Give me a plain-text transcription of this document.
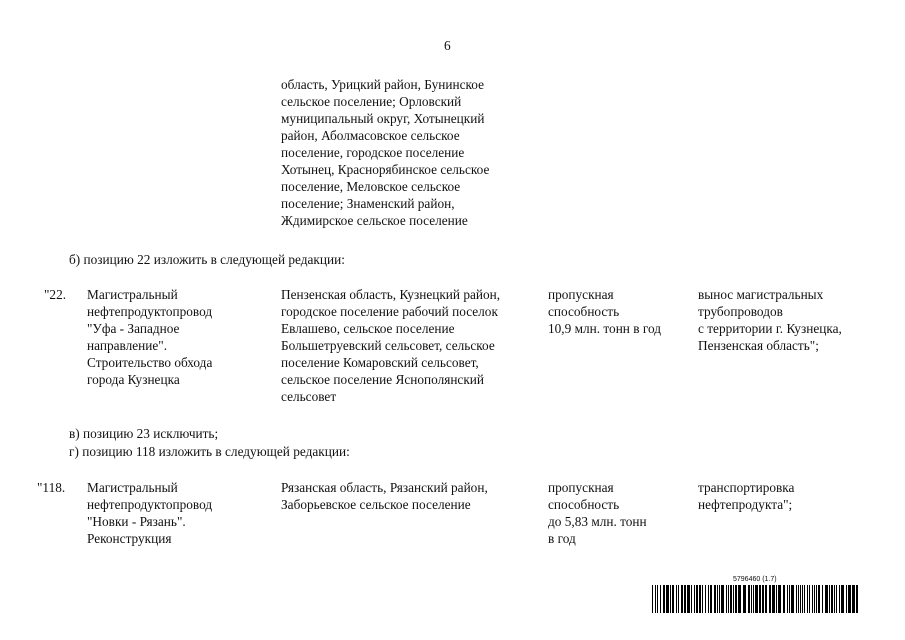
6
область, Урицкий район, Бунинское
сельское поселение; Орловский
муниципальный округ, Хотынецкий
район, Аболмасовское сельское
поселение, городское поселение
Хотынец, Краснорябинское сельское
поселение, Меловское сельское
поселение; Знаменский район,
Ждимирское сельское поселение
б) позицию 22 изложить в следующей редакции:
"22. Магистральный
нефтепродуктопровод
"Уфа - Западное
направление".
Строительство обхода
города Кузнецка
Пензенская область, Кузнецкий район,
городское поселение рабочий поселок
Евлашево, сельское поселение
Большетруевский сельсовет, сельское
поселение Комаровский сельсовет,
сельское поселение Яснополянский
сельсовет
пропускная
способность
10,9 млн. тонн в год
вынос магистральных
трубопроводов
с территории г. Кузнецка,
Пензенская область";
в) позицию 23 исключить;
г) позицию 118 изложить в следующей редакции:
"118. Магистральный
нефтепродуктопровод
"Новки - Рязань".
Реконструкция
Рязанская область, Рязанский район,
Заборьевское сельское поселение
пропускная
способность
до 5,83 млн. тонн
в год
транспортировка
нефтепродукта";
5796460 (1.7)
